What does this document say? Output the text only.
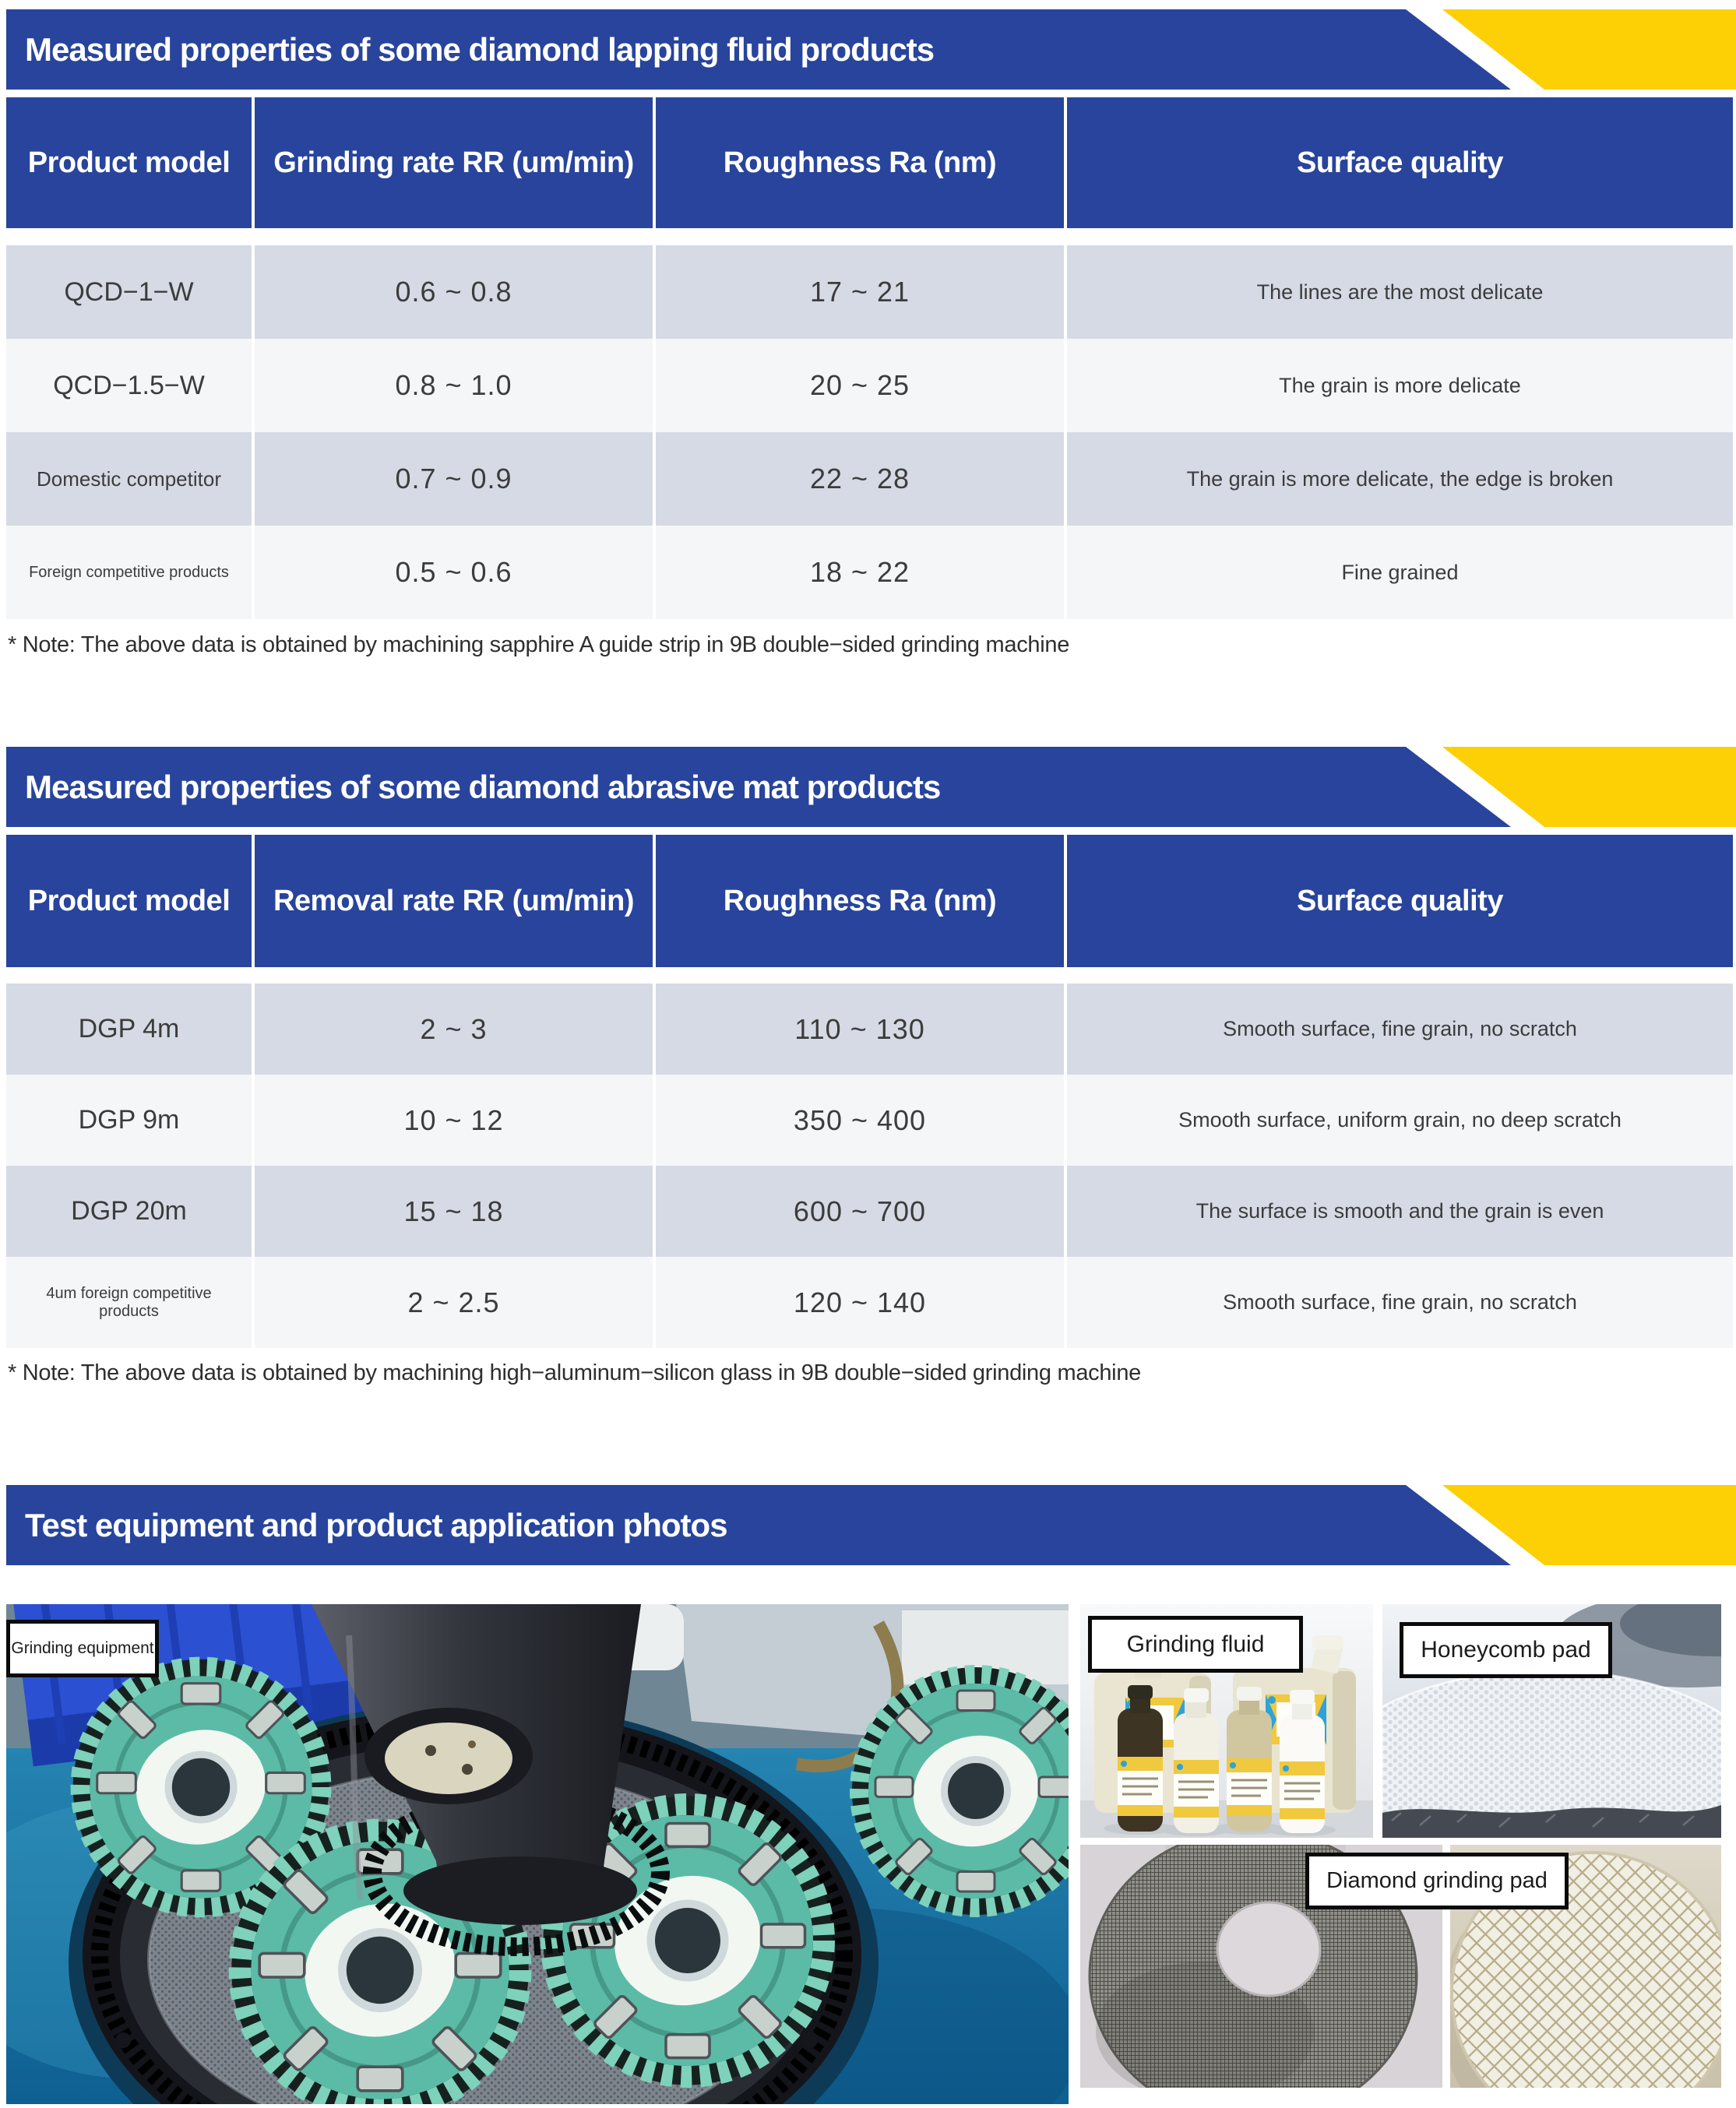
Measured properties of some diamond lapping fluid products
Product model	Grinding rate RR (um/min)	Roughness Ra (nm)	Surface quality
QCD−1−W	0.6 ~ 0.8	17 ~ 21	The lines are the most delicate
QCD−1.5−W	0.8 ~ 1.0	20 ~ 25	The grain is more delicate
Domestic competitor	0.7 ~ 0.9	22 ~ 28	The grain is more delicate, the edge is broken
Foreign competitive products	0.5 ~ 0.6	18 ~ 22	Fine grained
* Note: The above data is obtained by machining sapphire A guide strip in 9B double−sided grinding machine
Measured properties of some diamond abrasive mat products
Product model	Removal rate RR (um/min)	Roughness Ra (nm)	Surface quality
DGP 4m	2 ~ 3	110 ~ 130	Smooth surface, fine grain, no scratch
DGP 9m	10 ~ 12	350 ~ 400	Smooth surface, uniform grain, no deep scratch
DGP 20m	15 ~ 18	600 ~ 700	The surface is smooth and the grain is even
4um foreign competitive products	2 ~ 2.5	120 ~ 140	Smooth surface, fine grain, no scratch
* Note: The above data is obtained by machining high−aluminum−silicon glass in 9B double−sided grinding machine
Test equipment and product application photos
Grinding equipment	Grinding fluid	Honeycomb pad
Diamond grinding pad
